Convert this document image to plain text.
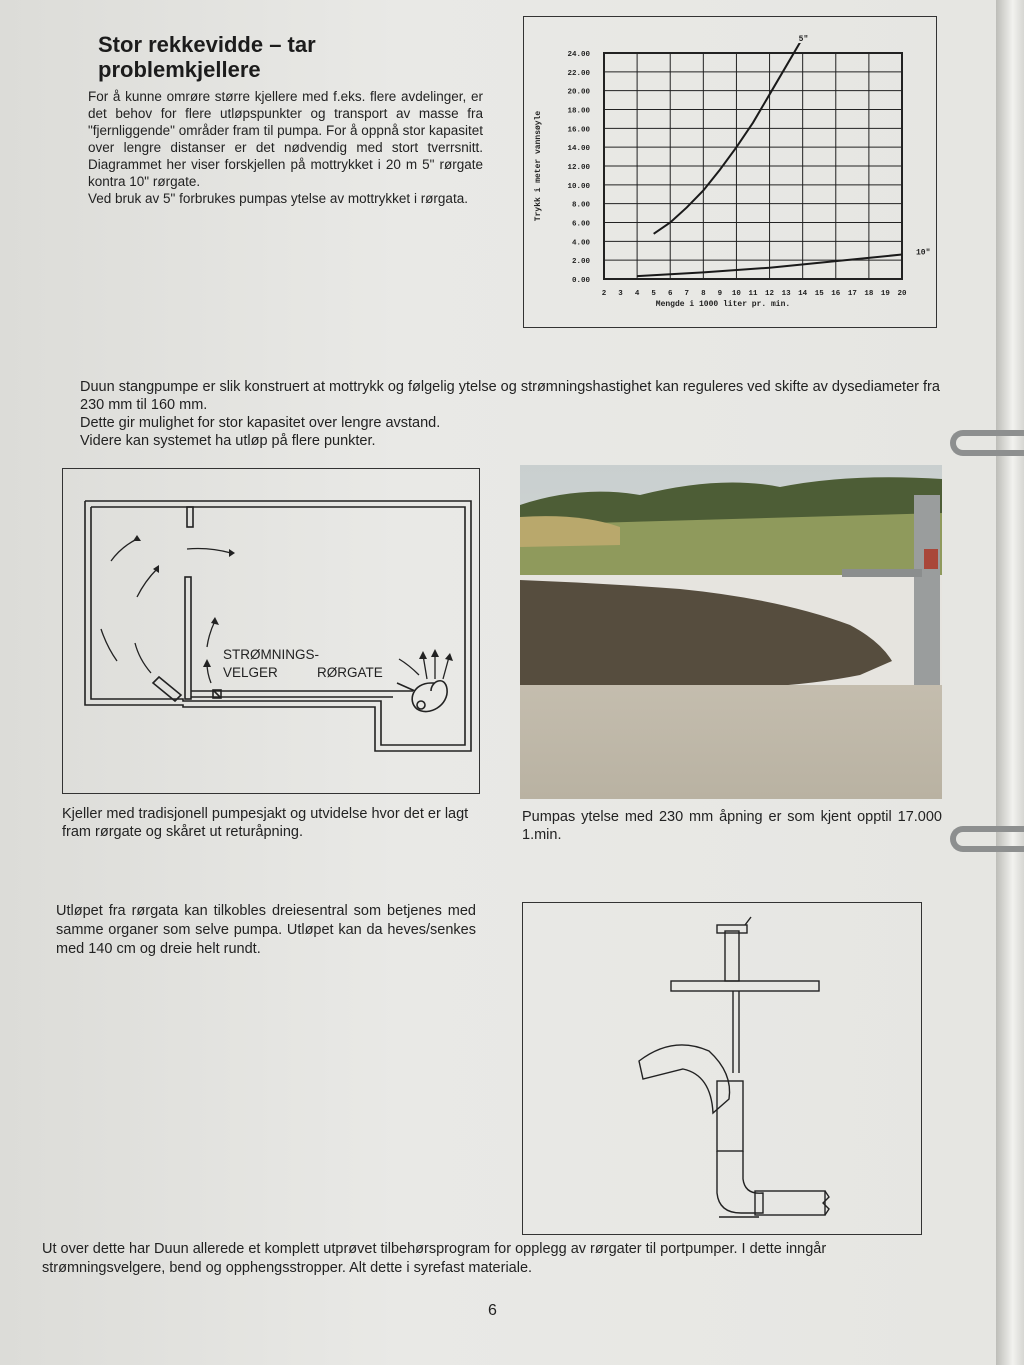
Stor rekkevidde – tar problemkjellere

For å kunne omrøre større kjellere med f.eks. flere avdelinger, er det behov for flere utløpspunkter og transport av masse fra "fjernliggende" områder fram til pumpa. For å oppnå stor kapasitet over lengre distanser er det nødvendig med stort tverrsnitt. Diagrammet her viser forskjellen på mottrykket i 20 m 5" rørgate kontra 10" rørgate.

Ved bruk av 5" forbrukes pumpas ytelse av mottrykket i rørgata.

0.00
2.00
4.00
6.00
8.00
10.00
12.00
14.00
16.00
18.00
20.00
22.00
24.00
2 3 4 5 6 7 8 9 10 11 12 13 14 15 16 17 18 19 20
5"
10"
Trykk i meter vannsøyle
Mengde i 1000 liter pr. min.

Duun stangpumpe er slik konstruert at mottrykk og følgelig ytelse og strømningshastighet kan reguleres ved skifte av dysediameter fra 230 mm til 160 mm.

Dette gir mulighet for stor kapasitet over lengre avstand.

Videre kan systemet ha utløp på flere punkter.

STRØMNINGS-
VELGER	RØRGATE

Kjeller med tradisjonell pumpesjakt og utvidelse hvor det er lagt fram rørgate og skåret ut returåpning.

Pumpas ytelse med 230 mm åpning er som kjent opptil 17.000 1.min.

Utløpet fra rørgata kan tilkobles dreiesentral som betjenes med samme organer som selve pumpa. Utløpet kan da heves/senkes med 140 cm og dreie helt rundt.

Ut over dette har Duun allerede et komplett utprøvet tilbehørsprogram for opplegg av rørgater til portpumper. I dette inngår strømningsvelgere, bend og opphengsstropper. Alt dette i syrefast materiale.

6
